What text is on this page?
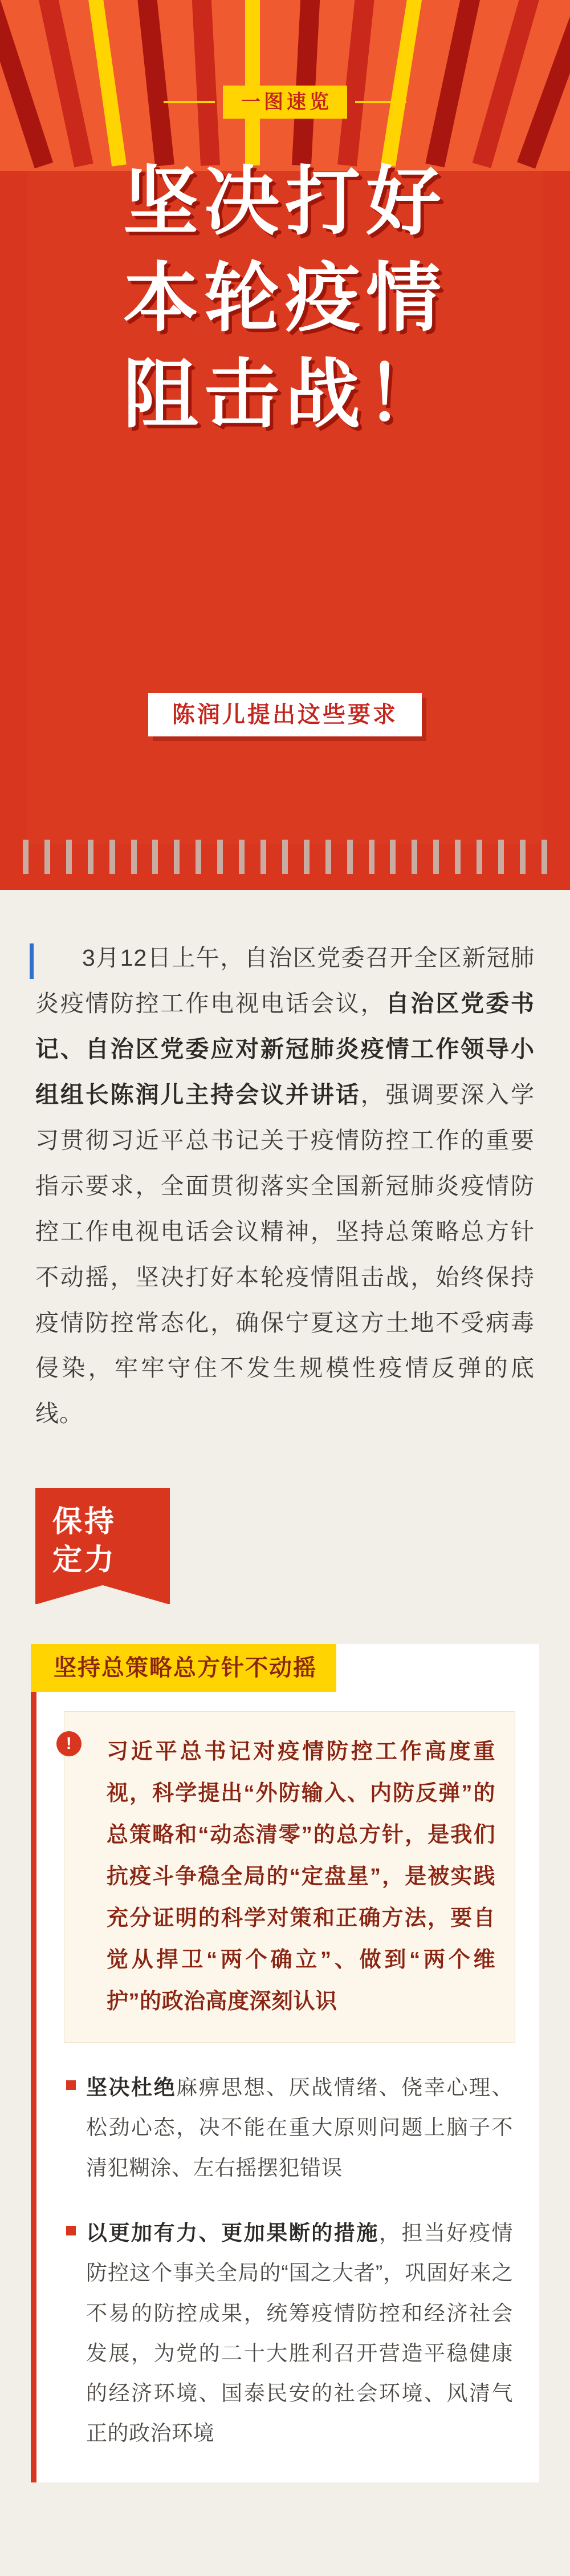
一图速览
坚决打好
本轮疫情
阻击战！
陈润儿提出这些要求
3月12日上午，自治区党委召开全区新冠肺炎疫情防控工作电视电话会议，自治区党委书记、自治区党委应对新冠肺炎疫情工作领导小组组长陈润儿主持会议并讲话，强调要深入学习贯彻习近平总书记关于疫情防控工作的重要指示要求，全面贯彻落实全国新冠肺炎疫情防控工作电视电话会议精神，坚持总策略总方针不动摇，坚决打好本轮疫情阻击战，始终保持疫情防控常态化，确保宁夏这方土地不受病毒侵染，牢牢守住不发生规模性疫情反弹的底线。
保持
定力
坚持总策略总方针不动摇
!	习近平总书记对疫情防控工作高度重视，科学提出“外防输入、内防反弹”的总策略和“动态清零”的总方针，是我们抗疫斗争稳全局的“定盘星”，是被实践充分证明的科学对策和正确方法，要自觉从捍卫“两个确立”、做到“两个维护”的政治高度深刻认识
坚决杜绝麻痹思想、厌战情绪、侥幸心理、松劲心态，决不能在重大原则问题上脑子不清犯糊涂、左右摇摆犯错误
以更加有力、更加果断的措施，担当好疫情防控这个事关全局的“国之大者”，巩固好来之不易的防控成果，统筹疫情防控和经济社会发展，为党的二十大胜利召开营造平稳健康的经济环境、国泰民安的社会环境、风清气正的政治环境
